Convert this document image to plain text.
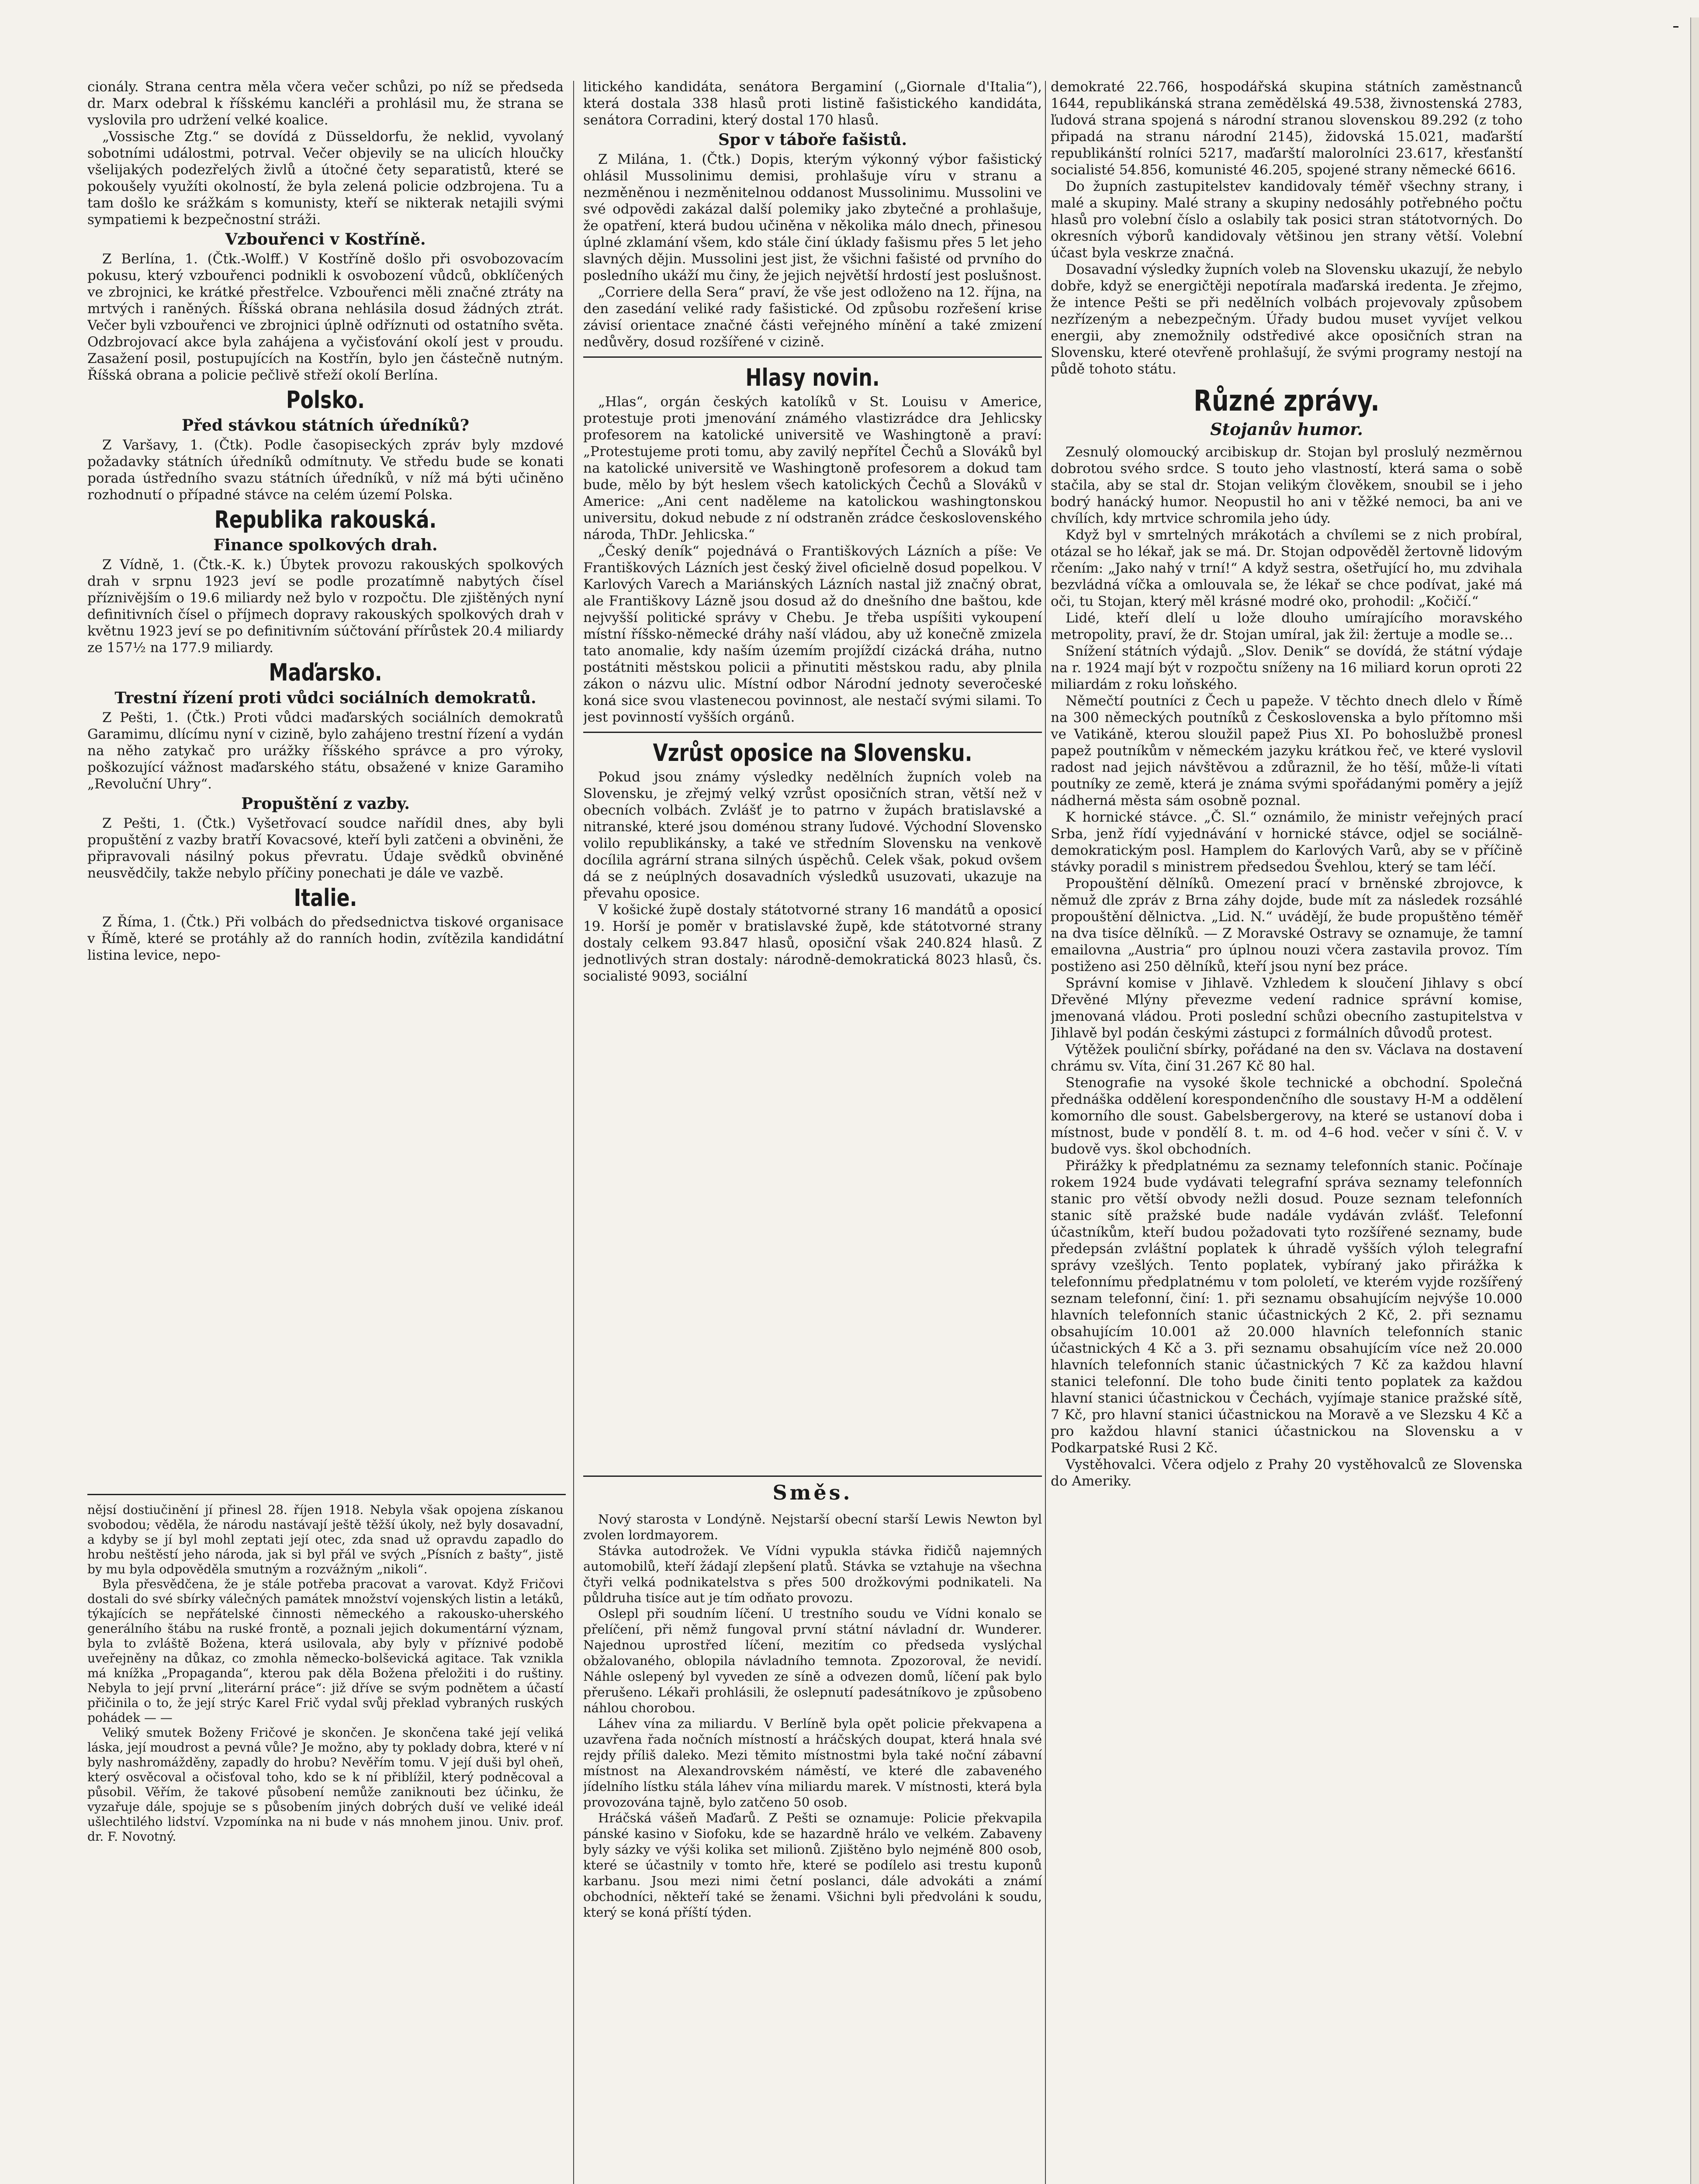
cionály. Strana centra měla včera večer schůzi, po níž se předseda dr. Marx odebral k říšskému kancléři a prohlásil mu, že strana se vyslovila pro udržení velké koalice.

„Vossische Ztg.“ se dovídá z Düsseldorfu, že neklid, vyvolaný sobotními událostmi, potrval. Večer objevily se na ulicích hloučky všelijakých podezřelých živlů a útočné čety separatistů, které se pokoušely využíti okolností, že byla zelená policie odzbrojena. Tu a tam došlo ke srážkám s komunisty, kteří se nikterak netajili svými sympatiemi k bezpečnostní stráži.

Vzbouřenci v Kostříně.

Z Berlína, 1. (Čtk.-Wolff.) V Kostříně došlo při osvobozovacím pokusu, který vzbouřenci podnikli k osvobození vůdců, obklíčených ve zbrojnici, ke krátké přestřelce. Vzbouřenci měli značné ztráty na mrtvých i raněných. Říšská obrana nehlásila dosud žádných ztrát. Večer byli vzbouřenci ve zbrojnici úplně odříznuti od ostatního světa. Odzbrojovací akce byla zahájena a vyčisťování okolí jest v proudu. Zasažení posil, postupujících na Kostřín, bylo jen částečně nutným. Říšská obrana a policie pečlivě střeží okolí Berlína.

Polsko.
Před stávkou státních úředníků?

Z Varšavy, 1. (Čtk). Podle časopiseckých zpráv byly mzdové požadavky státních úředníků odmítnuty. Ve středu bude se konati porada ústředního svazu státních úředníků, v níž má býti učiněno rozhodnutí o případné stávce na celém území Polska.

Republika rakouská.
Finance spolkových drah.

Z Vídně, 1. (Čtk.-K. k.) Úbytek provozu rakouských spolkových drah v srpnu 1923 jeví se podle prozatímně nabytých čísel příznivějším o 19.6 miliardy než bylo v rozpočtu. Dle zjištěných nyní definitivních čísel o příjmech dopravy rakouských spolkových drah v květnu 1923 jeví se po definitivním súčtování přírůstek 20.4 miliardy ze 157½ na 177.9 miliardy.

Maďarsko.
Trestní řízení proti vůdci sociálních demokratů.

Z Pešti, 1. (Čtk.) Proti vůdci maďarských sociálních demokratů Garamimu, dlícímu nyní v cizině, bylo zahájeno trestní řízení a vydán na něho zatykač pro urážky říšského správce a pro výroky, poškozující vážnost maďarského státu, obsažené v knize Garamiho „Revoluční Uhry“.

Propuštění z vazby.

Z Pešti, 1. (Čtk.) Vyšetřovací soudce nařídil dnes, aby byli propuštění z vazby bratří Kovacsové, kteří byli zatčeni a obviněni, že připravovali násilný pokus převratu. Údaje svědků obviněné neusvědčily, takže nebylo příčiny ponechati je dále ve vazbě.

Italie.

Z Říma, 1. (Čtk.) Při volbách do předsednictva tiskové organisace v Římě, které se protáhly až do ranních hodin, zvítězila kandidátní listina levice, nepo-

litického kandidáta, senátora Bergaminí („Giornale d'Italia“), která dostala 338 hlasů proti listině fašistického kandidáta, senátora Corradini, který dostal 170 hlasů.

Spor v táboře fašistů.

Z Milána, 1. (Čtk.) Dopis, kterým výkonný výbor fašistický ohlásil Mussolinimu demisi, prohlašuje víru v stranu a nezměněnou i nezměnitelnou oddanost Mussolinimu. Mussolini ve své odpovědi zakázal další polemiky jako zbytečné a prohlašuje, že opatření, která budou učiněna v několika málo dnech, přinesou úplné zklamání všem, kdo stále činí úklady fašismu přes 5 let jeho slavných dějin. Mussolini jest jist, že všichni fašisté od prvního do posledního ukáží mu činy, že jejich největší hrdostí jest poslušnost.

„Corriere della Sera“ praví, že vše jest odloženo na 12. října, na den zasedání veliké rady fašistické. Od způsobu rozřešení krise závisí orientace značné části veřejného mínění a také zmizení nedůvěry, dosud rozšířené v cizině.

Hlasy novin.

„Hlas“, orgán českých katolíků v St. Louisu v Americe, protestuje proti jmenování známého vlastizrádce dra Jehlicsky profesorem na katolické universitě ve Washingtoně a praví: „Protestujeme proti tomu, aby zavilý nepřítel Čechů a Slováků byl na katolické universitě ve Washingtoně profesorem a dokud tam bude, mělo by být heslem všech katolických Čechů a Slováků v Americe: „Ani cent naděleme na katolickou washingtonskou universitu, dokud nebude z ní odstraněn zrádce československého národa, ThDr. Jehlicska.“

„Český deník“ pojednává o Františkových Lázních a píše: Ve Františkových Lázních jest český živel oficielně dosud popelkou. V Karlových Varech a Mariánských Lázních nastal již značný obrat, ale Františkovy Lázně jsou dosud až do dnešního dne baštou, kde nejvyšší politické správy v Chebu. Je třeba uspíšiti vykoupení místní říšsko-německé dráhy naší vládou, aby už konečně zmizela tato anomalie, kdy naším územím projíždí cizácká dráha, nutno postátniti městskou policii a přinutiti městskou radu, aby plnila zákon o názvu ulic. Místní odbor Národní jednoty severočeské koná sice svou vlastenecou povinnost, ale nestačí svými silami. To jest povinností vyšších orgánů.

Vzrůst oposice na Slovensku.

Pokud jsou známy výsledky nedělních župních voleb na Slovensku, je zřejmý velký vzrůst oposičních stran, větší než v obecních volbách. Zvlášť je to patrno v župách bratislavské a nitranské, které jsou doménou strany ľudové. Východní Slovensko volilo republikánsky, a také ve středním Slovensku na venkově docílila agrární strana silných úspěchů. Celek však, pokud ovšem dá se z neúplných dosavadních výsledků usuzovati, ukazuje na převahu oposice.

V košické župě dostaly státotvorné strany 16 mandátů a oposicí 19. Horší je poměr v bratislavské župě, kde státotvorné strany dostaly celkem 93.847 hlasů, oposiční však 240.824 hlasů. Z jednotlivých stran dostaly: národně-demokratická 8023 hlasů, čs. socialisté 9093, sociální

demokraté 22.766, hospodářská skupina státních zaměstnanců 1644, republikánská strana zemědělská 49.538, živnostenská 2783, ľudová strana spojená s národní stranou slovenskou 89.292 (z toho připadá na stranu národní 2145), židovská 15.021, maďarští republikánští rolníci 5217, maďarští malorolníci 23.617, křesťanští socialisté 54.856, komunisté 46.205, spojené strany německé 6616.

Do župních zastupitelstev kandidovaly téměř všechny strany, i malé a skupiny. Malé strany a skupiny nedosáhly potřebného počtu hlasů pro volební číslo a oslabily tak posici stran státotvorných. Do okresních výborů kandidovaly většinou jen strany větší. Volební účast byla veskrze značná.

Dosavadní výsledky župních voleb na Slovensku ukazují, že nebylo dobře, když se energičtěji nepotírala maďarská iredenta. Je zřejmo, že intence Pešti se při nedělních volbách projevovaly způsobem nezřízeným a nebezpečným. Úřady budou muset vyvíjet velkou energii, aby znemožnily odstředivé akce oposičních stran na Slovensku, které otevřeně prohlašují, že svými programy nestojí na půdě tohoto státu.

Různé zprávy.
Stojanův humor.

Zesnulý olomoucký arcibiskup dr. Stojan byl proslulý nezměrnou dobrotou svého srdce. S touto jeho vlastností, která sama o sobě stačila, aby se stal dr. Stojan velikým člověkem, snoubil se i jeho bodrý hanácký humor. Neopustil ho ani v těžké nemoci, ba ani ve chvílích, kdy mrtvice schromila jeho údy.

Když byl v smrtelných mrákotách a chvílemi se z nich probíral, otázal se ho lékař, jak se má. Dr. Stojan odpověděl žertovně lidovým rčením: „Jako nahý v trní!“ A když sestra, ošetřující ho, mu zdvihala bezvládná víčka a omlouvala se, že lékař se chce podívat, jaké má oči, tu Stojan, který měl krásné modré oko, prohodil: „Kočičí.“

Lidé, kteří dlelí u lože dlouho umírajícího moravského metropolity, praví, že dr. Stojan umíral, jak žil: žertuje a modle se…

Snížení státních výdajů. „Slov. Denik“ se dovídá, že státní výdaje na r. 1924 mají být v rozpočtu sníženy na 16 miliard korun oproti 22 miliardám z roku loňského.

Němečtí poutníci z Čech u papeže. V těchto dnech dlelo v Římě na 300 německých poutníků z Československa a bylo přítomno mši ve Vatikáně, kterou sloužil papež Pius XI. Po bohoslužbě pronesl papež poutníkům v německém jazyku krátkou řeč, ve které vyslovil radost nad jejich návštěvou a zdůraznil, že ho těší, může-li vítati poutníky ze země, která je známa svými spořádanými poměry a jejíž nádherná města sám osobně poznal.

K hornické stávce. „Č. Sl.“ oznámilo, že ministr veřejných prací Srba, jenž řídí vyjednávání v hornické stávce, odjel se sociálně-demokratickým posl. Hamplem do Karlových Varů, aby se v příčině stávky poradil s ministrem předsedou Švehlou, který se tam léčí.

Propouštění dělníků. Omezení prací v brněnské zbrojovce, k němuž dle zpráv z Brna záhy dojde, bude mít za následek rozsáhlé propouštění dělnictva. „Lid. N.“ uvádějí, že bude propuštěno téměř na dva tisíce dělníků. — Z Moravské Ostravy se oznamuje, že tamní emailovna „Austria“ pro úplnou nouzi včera zastavila provoz. Tím postiženo asi 250 dělníků, kteří jsou nyní bez práce.

Správní komise v Jihlavě. Vzhledem k sloučení Jihlavy s obcí Dřevěné Mlýny převezme vedení radnice správní komise, jmenovaná vládou. Proti poslední schůzi obecního zastupitelstva v Jihlavě byl podán českými zástupci z formálních důvodů protest.

Výtěžek pouliční sbírky, pořádané na den sv. Václava na dostavení chrámu sv. Víta, činí 31.267 Kč 80 hal.

Stenografie na vysoké škole technické a obchodní. Společná přednáška oddělení korespondenčního dle soustavy H-M a oddělení komorního dle soust. Gabelsbergerovy, na které se ustanoví doba i místnost, bude v pondělí 8. t. m. od 4–6 hod. večer v síni č. V. v budově vys. škol obchodních.

Přirážky k předplatnému za seznamy telefonních stanic. Počínaje rokem 1924 bude vydávati telegrafní správa seznamy telefonních stanic pro větší obvody nežli dosud. Pouze seznam telefonních stanic sítě pražské bude nadále vydáván zvlášť. Telefonní účastníkům, kteří budou požadovati tyto rozšířené seznamy, bude předepsán zvláštní poplatek k úhradě vyšších výloh telegrafní správy vzešlých. Tento poplatek, vybíraný jako přirážka k telefonnímu předplatnému v tom pololetí, ve kterém vyjde rozšířený seznam telefonní, činí: 1. při seznamu obsahujícím nejvýše 10.000 hlavních telefonních stanic účastnických 2 Kč, 2. při seznamu obsahujícím 10.001 až 20.000 hlavních telefonních stanic účastnických 4 Kč a 3. při seznamu obsahujícím více než 20.000 hlavních telefonních stanic účastnických 7 Kč za každou hlavní stanici telefonní. Dle toho bude činiti tento poplatek za každou hlavní stanici účastnickou v Čechách, vyjímaje stanice pražské sítě, 7 Kč, pro hlavní stanici účastnickou na Moravě a ve Slezsku 4 Kč a pro každou hlavní stanici účastnickou na Slovensku a v Podkarpatské Rusi 2 Kč.

Vystěhovalci. Včera odjelo z Prahy 20 vystěhovalců ze Slovenska do Ameriky.

nějsí dostiučinění jí přinesl 28. říjen 1918. Nebyla však opojena získanou svobodou; věděla, že národu nastávají ještě těžší úkoly, než byly dosavadní, a kdyby se jí byl mohl zeptati její otec, zda snad už opravdu zapadlo do hrobu neštěstí jeho národa, jak si byl přál ve svých „Písních z bašty“, jistě by mu byla odpověděla smutným a rozvážným „nikoli“.

Byla přesvědčena, že je stále potřeba pracovat a varovat. Když Fričovi dostali do své sbírky válečných památek množství vojenských listin a letáků, týkajících se nepřátelské činnosti německého a rakousko-uherského generálního štábu na ruské frontě, a poznali jejich dokumentární význam, byla to zvláště Božena, která usilovala, aby byly v příznivé podobě uveřejněny na důkaz, co zmohla německo-bolševická agitace. Tak vznikla má knížka „Propaganda“, kterou pak děla Božena přeložiti i do ruštiny. Nebyla to její první „literární práce“: již dříve se svým podnětem a účastí přičinila o to, že její strýc Karel Frič vydal svůj překlad vybraných ruských pohádek — —

Veliký smutek Boženy Fričové je skončen. Je skončena také její veliká láska, její moudrost a pevná vůle? Je možno, aby ty poklady dobra, které v ní byly nashromážděny, zapadly do hrobu? Nevěřím tomu. V její duši byl oheň, který osvěcoval a očisťoval toho, kdo se k ní přiblížil, který podněcoval a působil. Věřím, že takové působení nemůže zaniknouti bez účinku, že vyzařuje dále, spojuje se s působením jiných dobrých duší ve veliké ideál ušlechtilého lidství. Vzpomínka na ni bude v nás mnohem jinou. Univ. prof. dr. F. Novotný.

Směs.

Nový starosta v Londýně. Nejstarší obecní starší Lewis Newton byl zvolen lordmayorem.

Stávka autodrožek. Ve Vídni vypukla stávka řidičů najemných automobilů, kteří žádají zlepšení platů. Stávka se vztahuje na všechna čtyři velká podnikatelstva s přes 500 drožkovými podnikateli. Na půldruha tisíce aut je tím odňato provozu.

Oslepl při soudním líčení. U trestního soudu ve Vídni konalo se přelíčení, při němž fungoval první státní návladní dr. Wunderer. Najednou uprostřed líčení, mezitím co předseda vyslýchal obžalovaného, oblopila návladního temnota. Zpozoroval, že nevidí. Náhle oslepený byl vyveden ze síně a odvezen domů, líčení pak bylo přerušeno. Lékaři prohlásili, že oslepnutí padesátníkovo je způsobeno náhlou chorobou.

Láhev vína za miliardu. V Berlíně byla opět policie překvapena a uzavřena řada nočních místností a hráčských doupat, která hnala své rejdy příliš daleko. Mezi těmito místnostmi byla také noční zábavní místnost na Alexandrovském náměstí, ve které dle zabaveného jídelního lístku stála láhev vína miliardu marek. V místnosti, která byla provozována tajně, bylo zatčeno 50 osob.

Hráčská vášeň Maďarů. Z Pešti se oznamuje: Policie překvapila pánské kasino v Siofoku, kde se hazardně hrálo ve velkém. Zabaveny byly sázky ve výši kolika set milionů. Zjištěno bylo nejméně 800 osob, které se účastnily v tomto hře, které se podílelo asi trestu kuponů karbanu. Jsou mezi nimi četní poslanci, dále advokáti a známí obchodníci, někteří také se ženami. Všichni byli předvoláni k soudu, který se koná příští týden.
